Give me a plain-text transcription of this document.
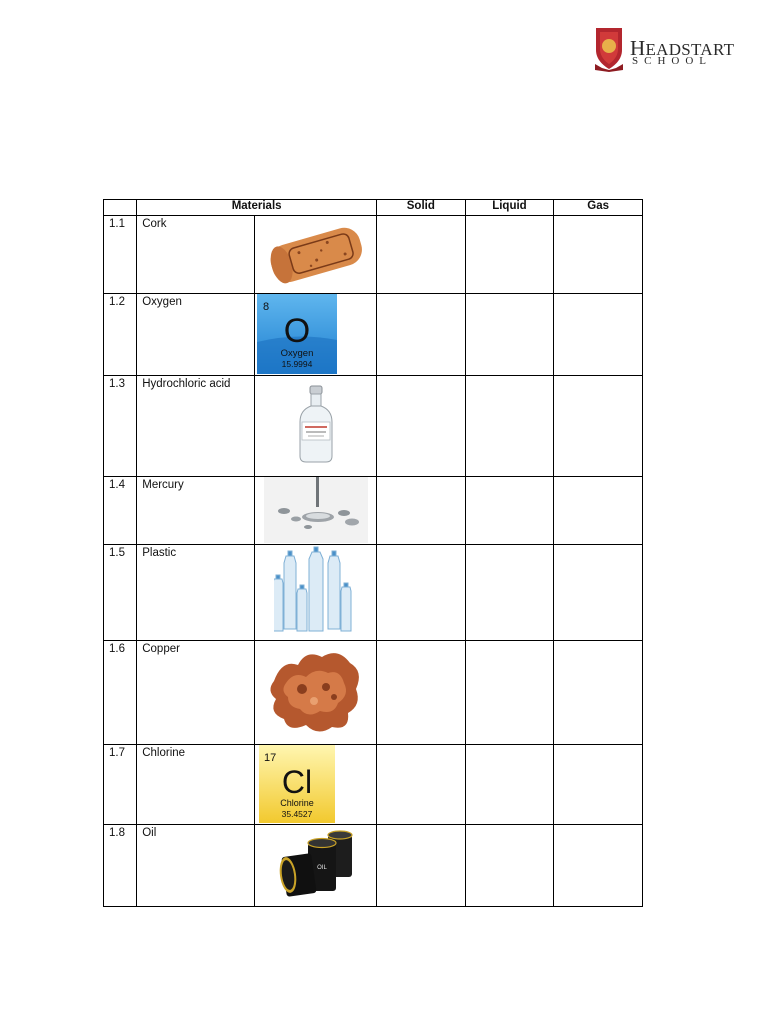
HEADSTART
SCHOOL
	Materials		Solid	Liquid	Gas

1.1	Cork

1.2	Oxygen	8
O
Oxygen
15.9994			

1.3	Hydrochloric acid

1.4	Mercury

1.5	Plastic

1.6	Copper

1.7	Chlorine	17
Cl
Chlorine
35.4527			

1.8	Oil	OIL			
